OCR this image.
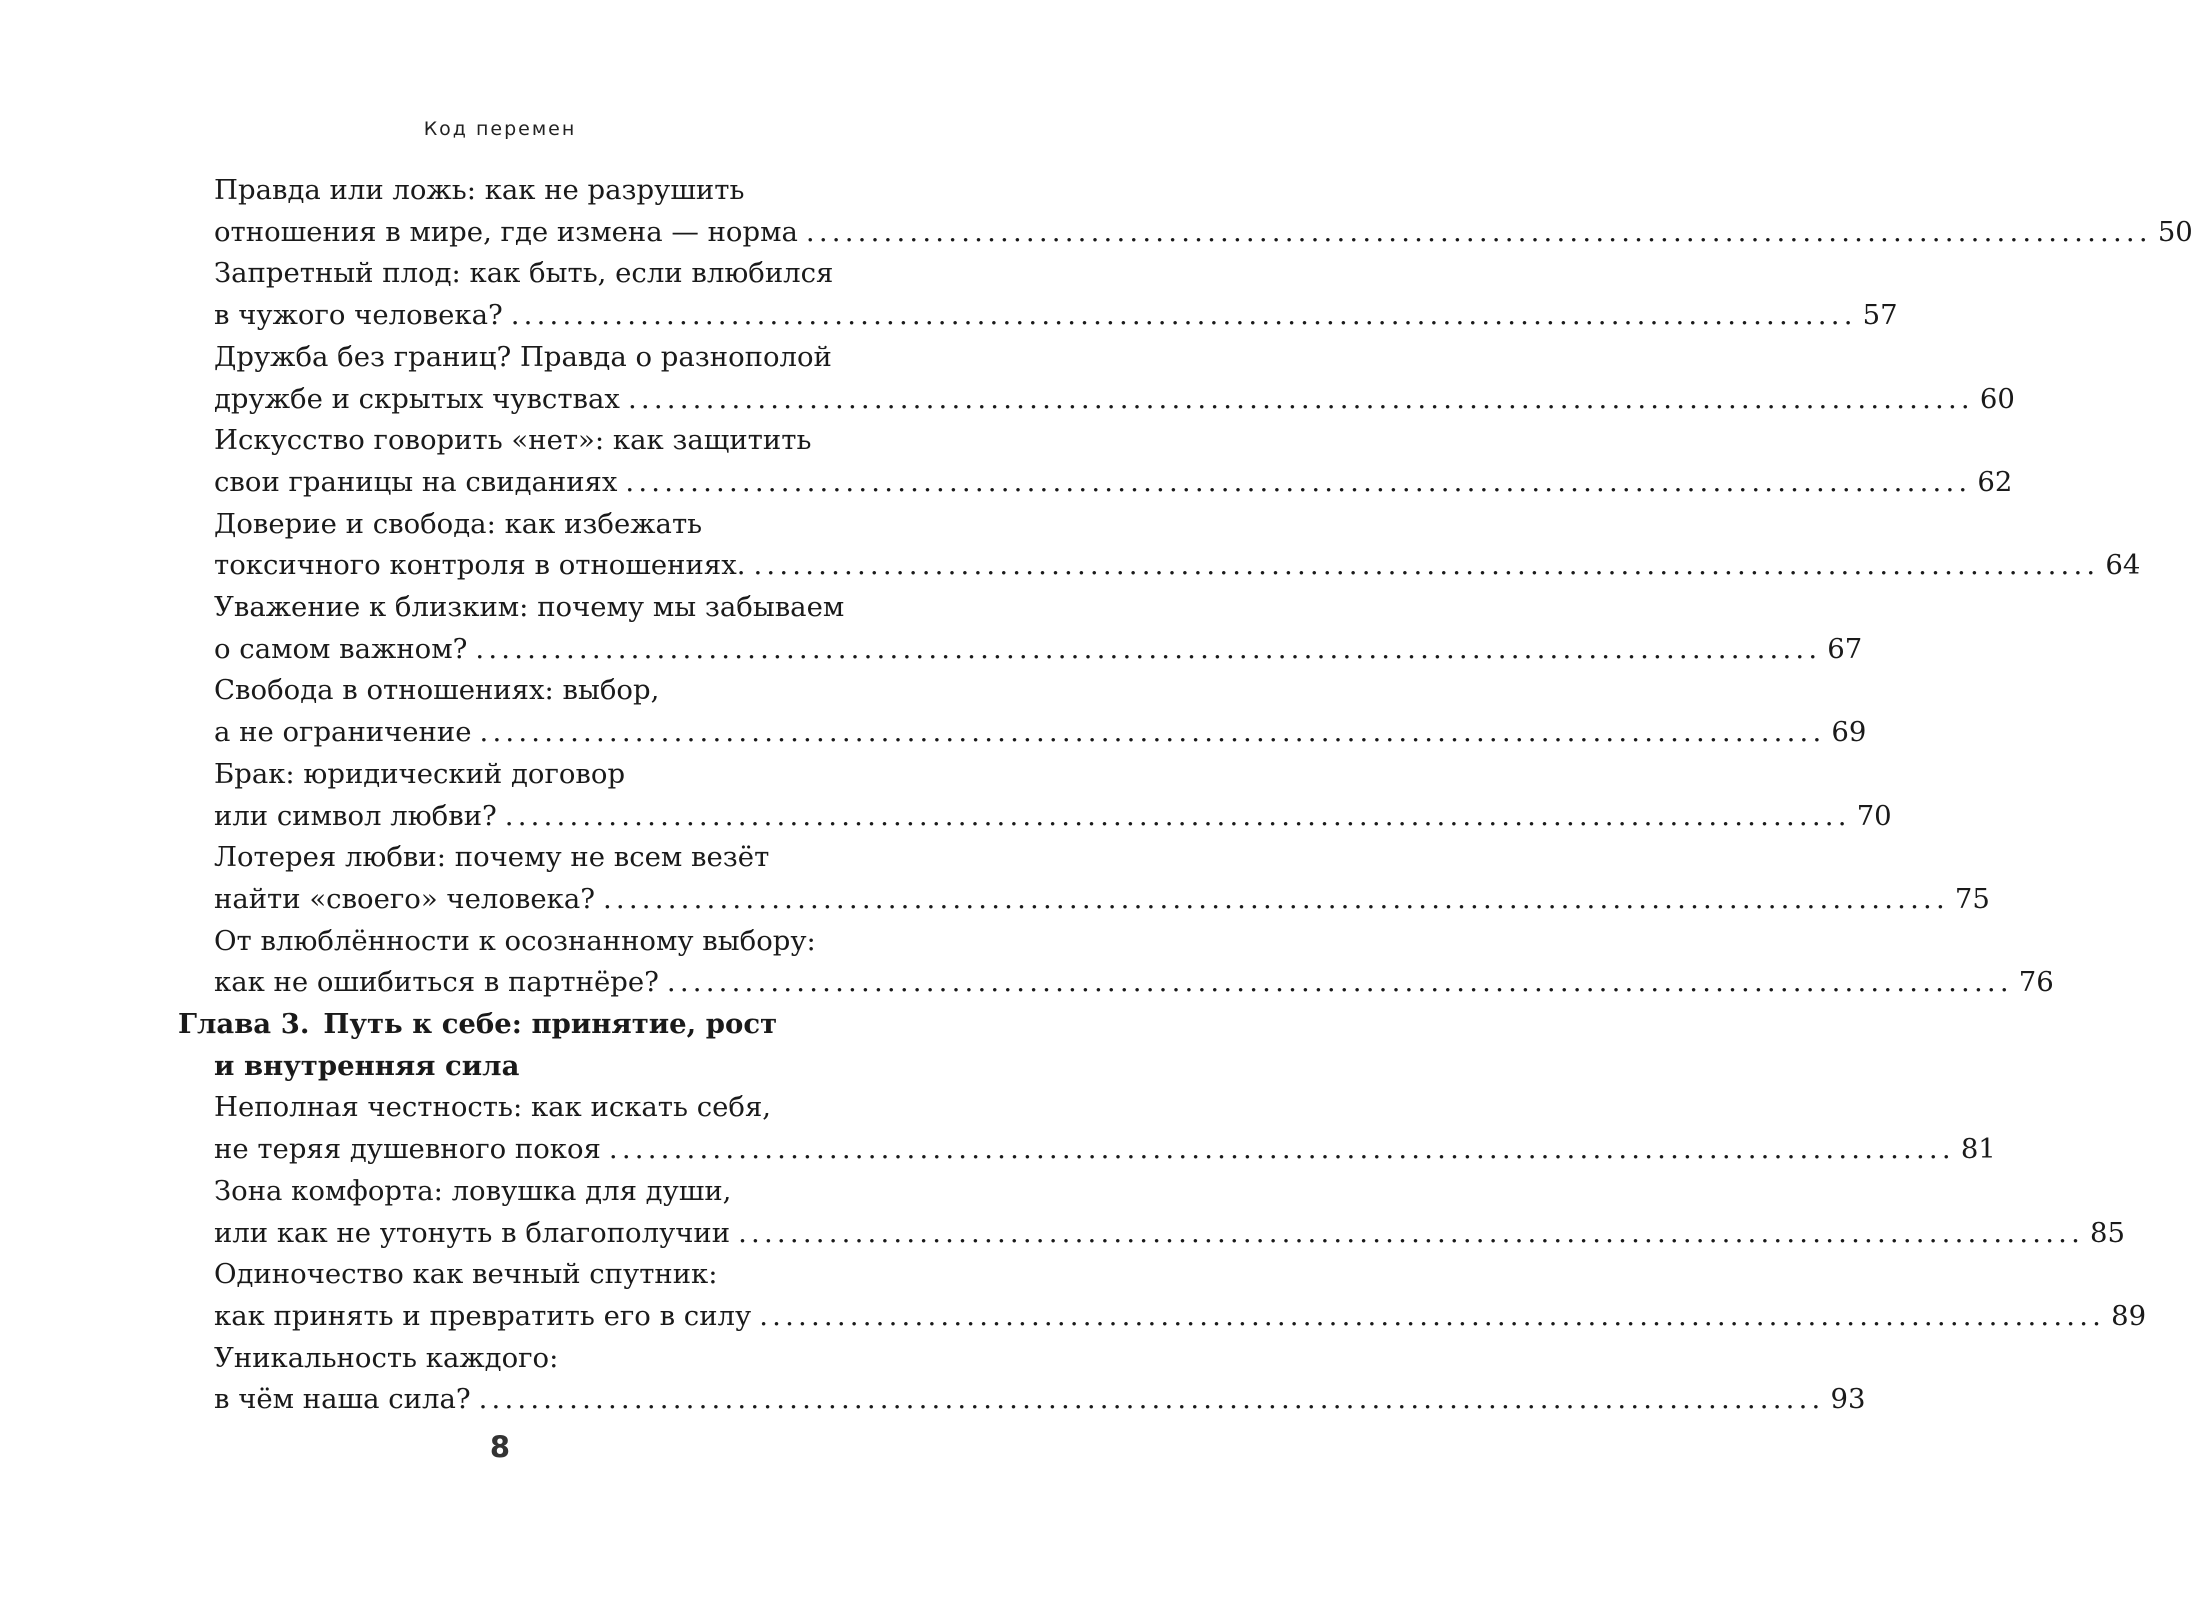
Код перемен
Правда или ложь: как не разрушить
отношения в мире, где измена — норма ........................................................................................................ 50
Запретный плод: как быть, если влюбился
в чужого человека? ........................................................................................................ 57
Дружба без границ? Правда о разнополой
дружбе и скрытых чувствах ........................................................................................................ 60
Искусство говорить «нет»: как защитить
свои границы на свиданиях ........................................................................................................ 62
Доверие и свобода: как избежать
токсичного контроля в отношениях. ........................................................................................................ 64
Уважение к близким: почему мы забываем
о самом важном? ........................................................................................................ 67
Свобода в отношениях: выбор,
а не ограничение ........................................................................................................ 69
Брак: юридический договор
или символ любви? ........................................................................................................ 70
Лотерея любви: почему не всем везёт
найти «своего» человека? ........................................................................................................ 75
От влюблённости к осознанному выбору:
как не ошибиться в партнёре? ........................................................................................................ 76
Глава 3. Путь к себе: принятие, рост
и внутренняя сила
Неполная честность: как искать себя,
не теряя душевного покоя ........................................................................................................ 81
Зона комфорта: ловушка для души,
или как не утонуть в благополучии ........................................................................................................ 85
Одиночество как вечный спутник:
как принять и превратить его в силу ........................................................................................................ 89
Уникальность каждого:
в чём наша сила? ........................................................................................................ 93
8
